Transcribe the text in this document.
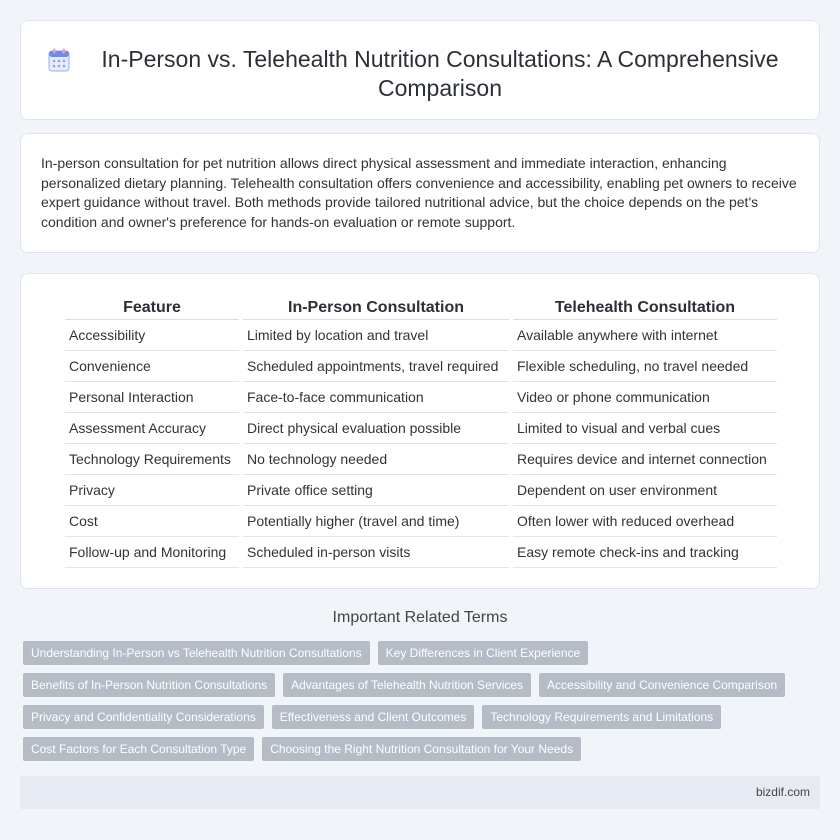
In-Person vs. Telehealth Nutrition Consultations: A Comprehensive Comparison

In-person consultation for pet nutrition allows direct physical assessment and immediate interaction, enhancing personalized dietary planning. Telehealth consultation offers convenience and accessibility, enabling pet owners to receive expert guidance without travel. Both methods provide tailored nutritional advice, but the choice depends on the pet's condition and owner's preference for hands-on evaluation or remote support.

Feature	In-Person Consultation	Telehealth Consultation
Accessibility	Limited by location and travel	Available anywhere with internet
Convenience	Scheduled appointments, travel required	Flexible scheduling, no travel needed
Personal Interaction	Face-to-face communication	Video or phone communication
Assessment Accuracy	Direct physical evaluation possible	Limited to visual and verbal cues
Technology Requirements	No technology needed	Requires device and internet connection
Privacy	Private office setting	Dependent on user environment
Cost	Potentially higher (travel and time)	Often lower with reduced overhead
Follow-up and Monitoring	Scheduled in-person visits	Easy remote check-ins and tracking
Important Related Terms
Understanding In-Person vs Telehealth Nutrition Consultations	Key Differences in Client Experience
Benefits of In-Person Nutrition Consultations	Advantages of Telehealth Nutrition Services	Accessibility and Convenience Comparison
Privacy and Confidentiality Considerations	Effectiveness and Client Outcomes	Technology Requirements and Limitations
Cost Factors for Each Consultation Type	Choosing the Right Nutrition Consultation for Your Needs
bizdif.com
